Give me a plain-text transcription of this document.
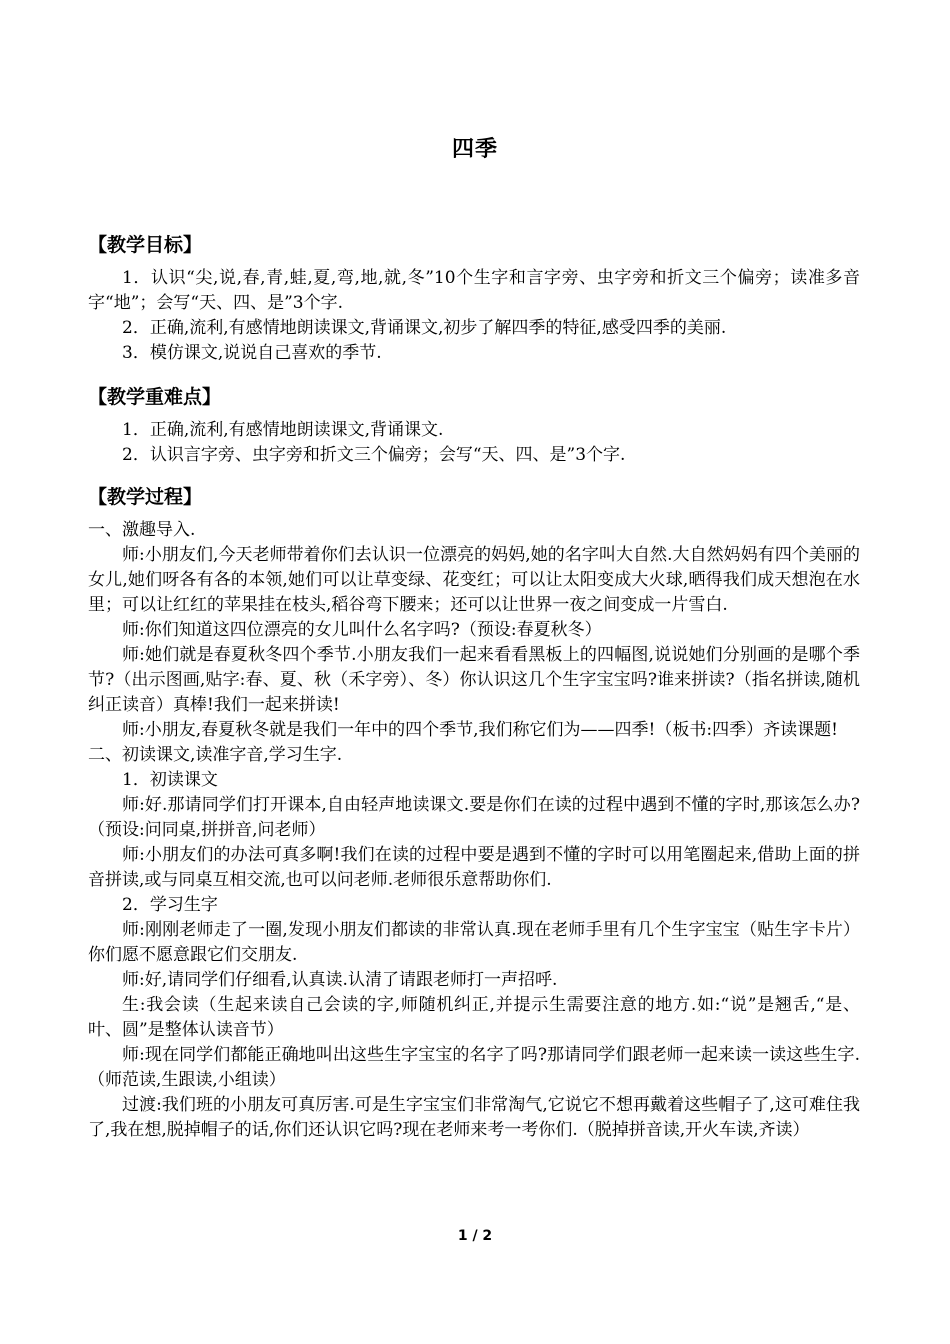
四季
【教学目标】

1．认识“尖,说,春,青,蛙,夏,弯,地,就,冬”10个生字和言字旁、虫字旁和折文三个偏旁；读准多音字“地”；会写“天、四、是”3个字.

2．正确,流利,有感情地朗读课文,背诵课文,初步了解四季的特征,感受四季的美丽.

3．模仿课文,说说自己喜欢的季节.

【教学重难点】

1．正确,流利,有感情地朗读课文,背诵课文.

2．认识言字旁、虫字旁和折文三个偏旁；会写“天、四、是”3个字.

【教学过程】

一、激趣导入.

师:小朋友们,今天老师带着你们去认识一位漂亮的妈妈,她的名字叫大自然.大自然妈妈有四个美丽的女儿,她们呀各有各的本领,她们可以让草变绿、花变红；可以让太阳变成大火球,晒得我们成天想泡在水里；可以让红红的苹果挂在枝头,稻谷弯下腰来；还可以让世界一夜之间变成一片雪白.

师:你们知道这四位漂亮的女儿叫什么名字吗?（预设:春夏秋冬）

师:她们就是春夏秋冬四个季节.小朋友我们一起来看看黑板上的四幅图,说说她们分别画的是哪个季节?（出示图画,贴字:春、夏、秋（禾字旁）、冬）你认识这几个生字宝宝吗?谁来拼读?（指名拼读,随机纠正读音）真棒!我们一起来拼读!

师:小朋友,春夏秋冬就是我们一年中的四个季节,我们称它们为——四季!（板书:四季）齐读课题!

二、初读课文,读准字音,学习生字.

1．初读课文

师:好.那请同学们打开课本,自由轻声地读课文.要是你们在读的过程中遇到不懂的字时,那该怎么办?（预设:问同桌,拼拼音,问老师）

师:小朋友们的办法可真多啊!我们在读的过程中要是遇到不懂的字时可以用笔圈起来,借助上面的拼音拼读,或与同桌互相交流,也可以问老师.老师很乐意帮助你们.

2．学习生字

师:刚刚老师走了一圈,发现小朋友们都读的非常认真.现在老师手里有几个生字宝宝（贴生字卡片）你们愿不愿意跟它们交朋友.

师:好,请同学们仔细看,认真读.认清了请跟老师打一声招呼.

生:我会读（生起来读自己会读的字,师随机纠正,并提示生需要注意的地方.如:“说”是翘舌,“是、叶、圆”是整体认读音节）

师:现在同学们都能正确地叫出这些生字宝宝的名字了吗?那请同学们跟老师一起来读一读这些生字.（师范读,生跟读,小组读）

过渡:我们班的小朋友可真厉害.可是生字宝宝们非常淘气,它说它不想再戴着这些帽子了,这可难住我了,我在想,脱掉帽子的话,你们还认识它吗?现在老师来考一考你们.（脱掉拼音读,开火车读,齐读）

1 / 2
